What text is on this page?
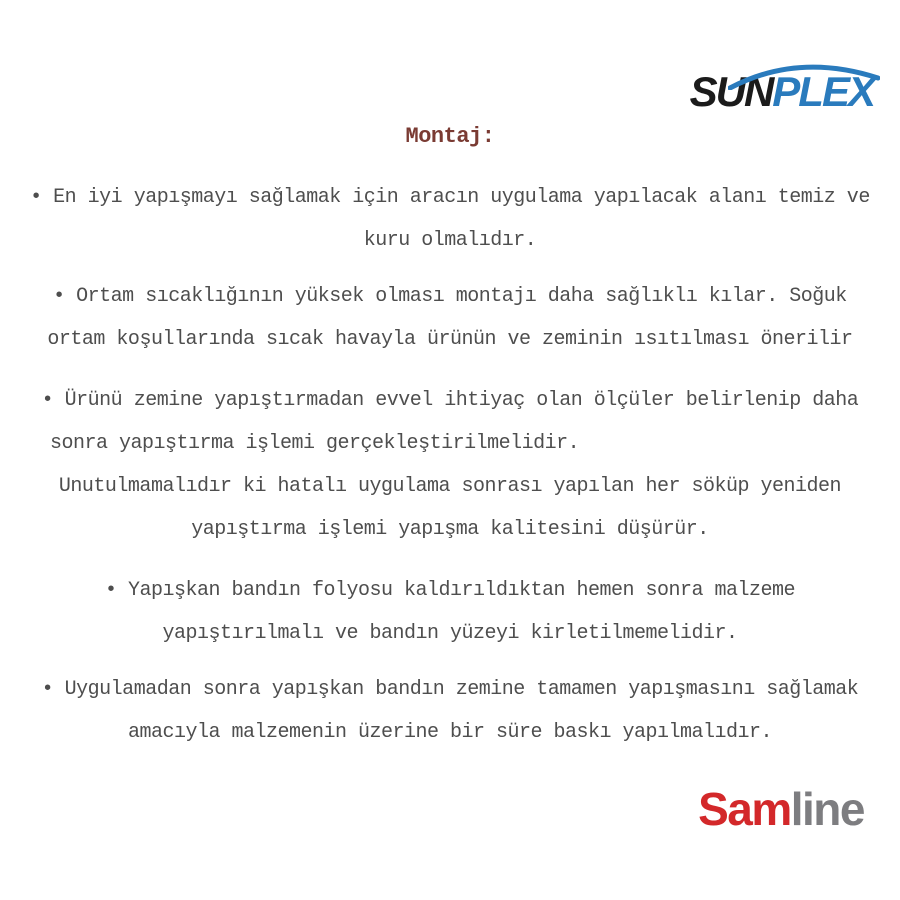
SUNPLEX
Montaj:
• En iyi yapışmayı sağlamak için aracın uygulama yapılacak alanı temiz ve
kuru olmalıdır.
• Ortam sıcaklığının yüksek olması montajı daha sağlıklı kılar. Soğuk
ortam koşullarında sıcak havayla ürünün ve zeminin ısıtılması önerilir
• Ürünü zemine yapıştırmadan evvel ihtiyaç olan ölçüler belirlenip daha
sonra yapıştırma işlemi gerçekleştirilmelidir.
Unutulmamalıdır ki hatalı uygulama sonrası yapılan her söküp yeniden
yapıştırma işlemi yapışma kalitesini düşürür.
• Yapışkan bandın folyosu kaldırıldıktan hemen sonra malzeme
yapıştırılmalı ve bandın yüzeyi kirletilmemelidir.
• Uygulamadan sonra yapışkan bandın zemine tamamen yapışmasını sağlamak
amacıyla malzemenin üzerine bir süre baskı yapılmalıdır.
Samline
